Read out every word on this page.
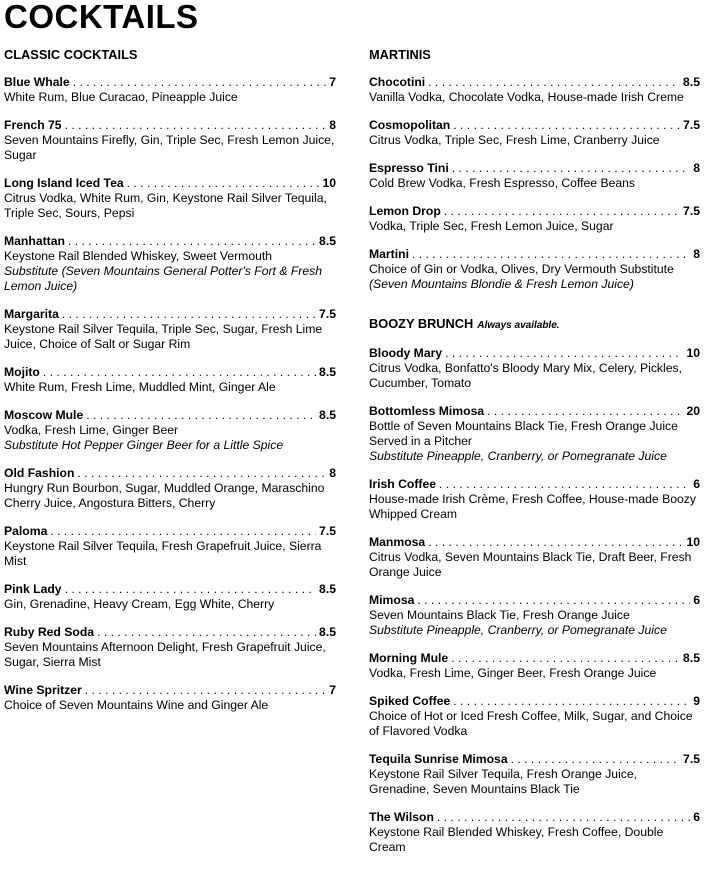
COCKTAILS
CLASSIC COCKTAILS
Blue Whale . . .	7
White Rum, Blue Curacao, Pineapple Juice
French 75 . . .	8
Seven Mountains Firefly, Gin, Triple Sec, Fresh Lemon Juice, Sugar
Long Island Iced Tea . . .	10
Citrus Vodka, White Rum, Gin, Keystone Rail Silver Tequila, Triple Sec, Sours, Pepsi
Manhattan . . .	8.5
Keystone Rail Blended Whiskey, Sweet Vermouth
Substitute (Seven Mountains General Potter's Fort & Fresh Lemon Juice)
Margarita . . .	7.5
Keystone Rail Silver Tequila, Triple Sec, Sugar, Fresh Lime Juice, Choice of Salt or Sugar Rim
Mojito . . .	8.5
White Rum, Fresh Lime, Muddled Mint, Ginger Ale
Moscow Mule . . .	8.5
Vodka, Fresh Lime, Ginger Beer
Substitute Hot Pepper Ginger Beer for a Little Spice
Old Fashion . . .	8
Hungry Run Bourbon, Sugar, Muddled Orange, Maraschino Cherry Juice, Angostura Bitters, Cherry
Paloma . . .	7.5
Keystone Rail Silver Tequila, Fresh Grapefruit Juice, Sierra Mist
Pink Lady . . .	8.5
Gin, Grenadine, Heavy Cream, Egg White, Cherry
Ruby Red Soda . . .	8.5
Seven Mountains Afternoon Delight, Fresh Grapefruit Juice, Sugar, Sierra Mist
Wine Spritzer . . .	7
Choice of Seven Mountains Wine and Ginger Ale
MARTINIS
Chocotini . . .	8.5
Vanilla Vodka, Chocolate Vodka, House-made Irish Creme
Cosmopolitan . . .	7.5
Citrus Vodka, Triple Sec, Fresh Lime, Cranberry Juice
Espresso Tini . . .	8
Cold Brew Vodka, Fresh Espresso, Coffee Beans
Lemon Drop . . .	7.5
Vodka, Triple Sec, Fresh Lemon Juice, Sugar
Martini . . .	8
Choice of Gin or Vodka, Olives, Dry Vermouth Substitute
(Seven Mountains Blondie & Fresh Lemon Juice)
BOOZY BRUNCH Always available.
Bloody Mary . . .	10
Citrus Vodka, Bonfatto's Bloody Mary Mix, Celery, Pickles, Cucumber, Tomato
Bottomless Mimosa . . .	20
Bottle of Seven Mountains Black Tie, Fresh Orange Juice Served in a Pitcher
Substitute Pineapple, Cranberry, or Pomegranate Juice
Irish Coffee . . .	6
House-made Irish Crème, Fresh Coffee, House-made Boozy Whipped Cream
Manmosa . . .	10
Citrus Vodka, Seven Mountains Black Tie, Draft Beer, Fresh Orange Juice
Mimosa . . .	6
Seven Mountains Black Tie, Fresh Orange Juice
Substitute Pineapple, Cranberry, or Pomegranate Juice
Morning Mule . . .	8.5
Vodka, Fresh Lime, Ginger Beer, Fresh Orange Juice
Spiked Coffee . . .	9
Choice of Hot or Iced Fresh Coffee, Milk, Sugar, and Choice of Flavored Vodka
Tequila Sunrise Mimosa . . .	7.5
Keystone Rail Silver Tequila, Fresh Orange Juice, Grenadine, Seven Mountains Black Tie
The Wilson . . .	6
Keystone Rail Blended Whiskey, Fresh Coffee, Double Cream
